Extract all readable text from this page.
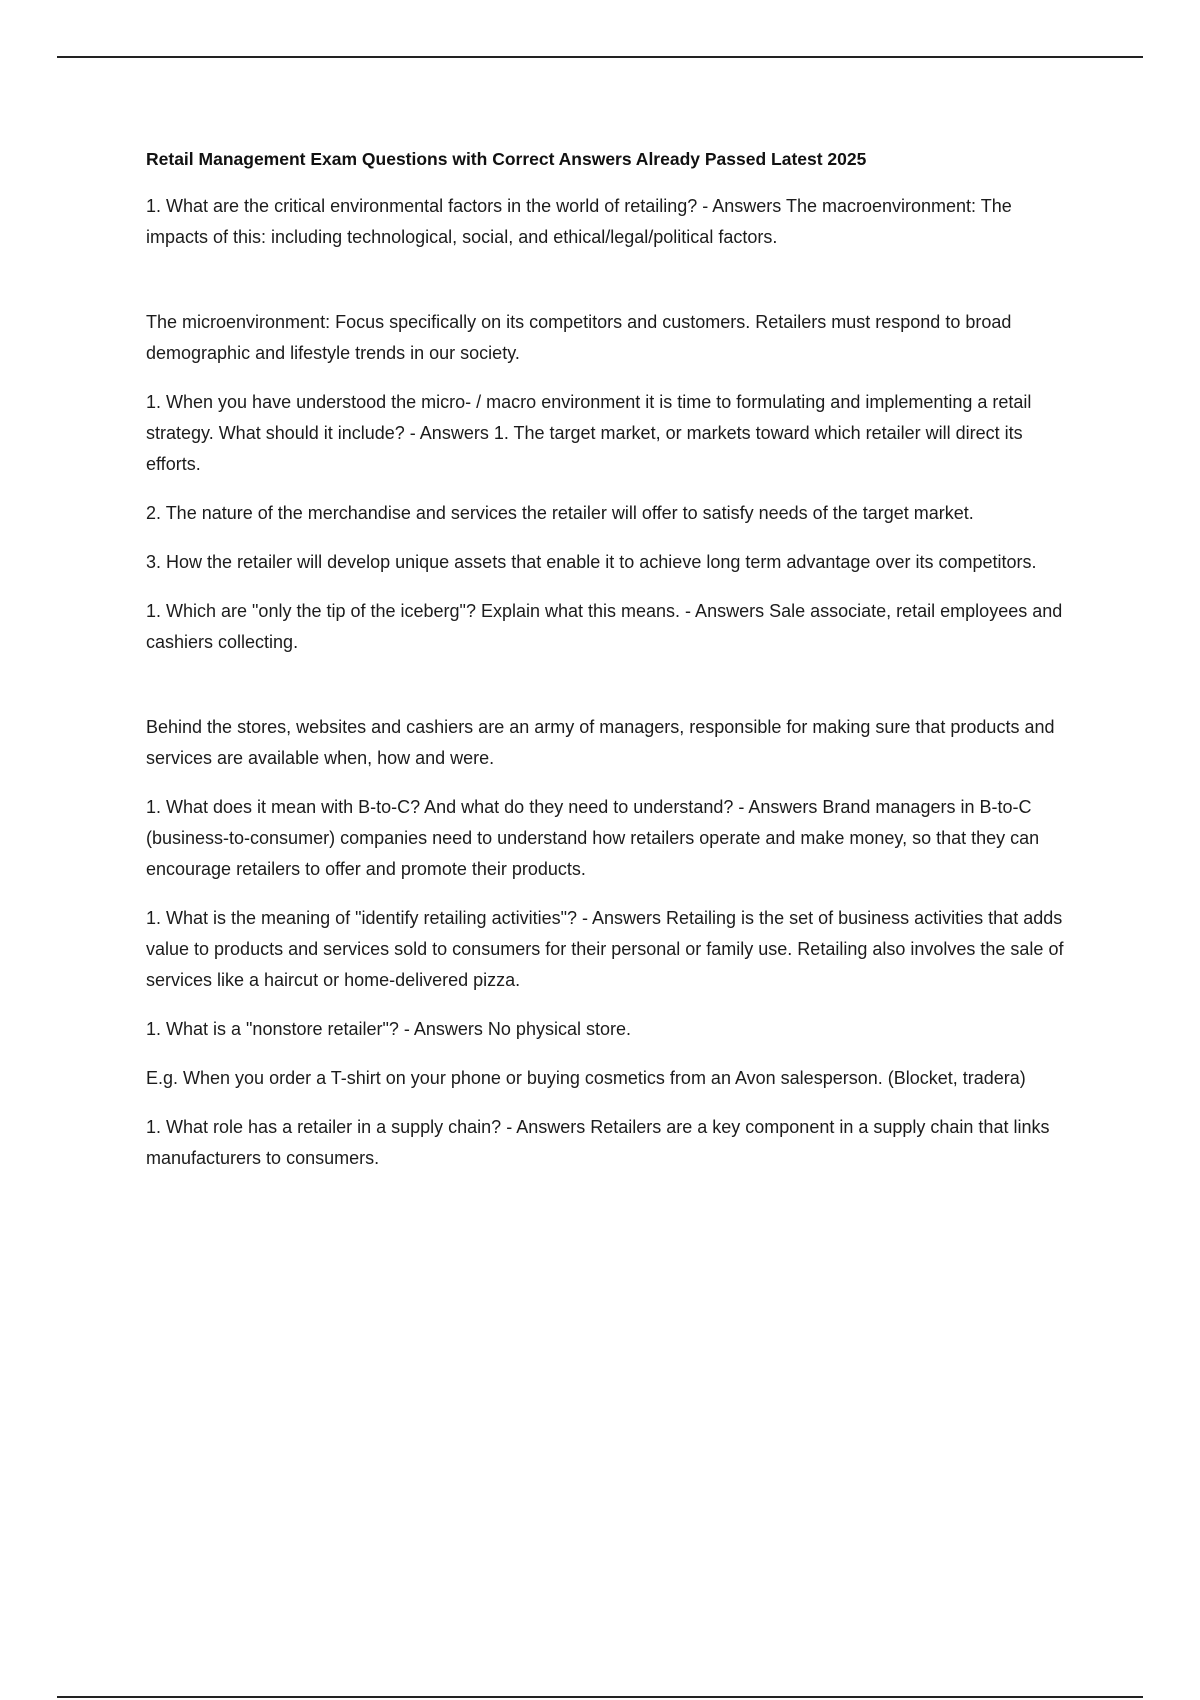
Retail Management Exam Questions with Correct Answers Already Passed Latest 2025

1. What are the critical environmental factors in the world of retailing? - Answers The macroenvironment: The impacts of this: including technological, social, and ethical/legal/political factors.

The microenvironment: Focus specifically on its competitors and customers. Retailers must respond to broad demographic and lifestyle trends in our society.

1. When you have understood the micro- / macro environment it is time to formulating and implementing a retail strategy. What should it include? - Answers 1. The target market, or markets toward which retailer will direct its efforts.

2. The nature of the merchandise and services the retailer will offer to satisfy needs of the target market.

3. How the retailer will develop unique assets that enable it to achieve long term advantage over its competitors.

1. Which are "only the tip of the iceberg"? Explain what this means. - Answers Sale associate, retail employees and cashiers collecting.

Behind the stores, websites and cashiers are an army of managers, responsible for making sure that products and services are available when, how and were.

1. What does it mean with B-to-C? And what do they need to understand? - Answers Brand managers in B-to-C (business-to-consumer) companies need to understand how retailers operate and make money, so that they can encourage retailers to offer and promote their products.

1. What is the meaning of "identify retailing activities"? - Answers Retailing is the set of business activities that adds value to products and services sold to consumers for their personal or family use. Retailing also involves the sale of services like a haircut or home-delivered pizza.

1. What is a "nonstore retailer"? - Answers No physical store.

E.g. When you order a T-shirt on your phone or buying cosmetics from an Avon salesperson. (Blocket, tradera)

1. What role has a retailer in a supply chain? - Answers Retailers are a key component in a supply chain that links manufacturers to consumers.
